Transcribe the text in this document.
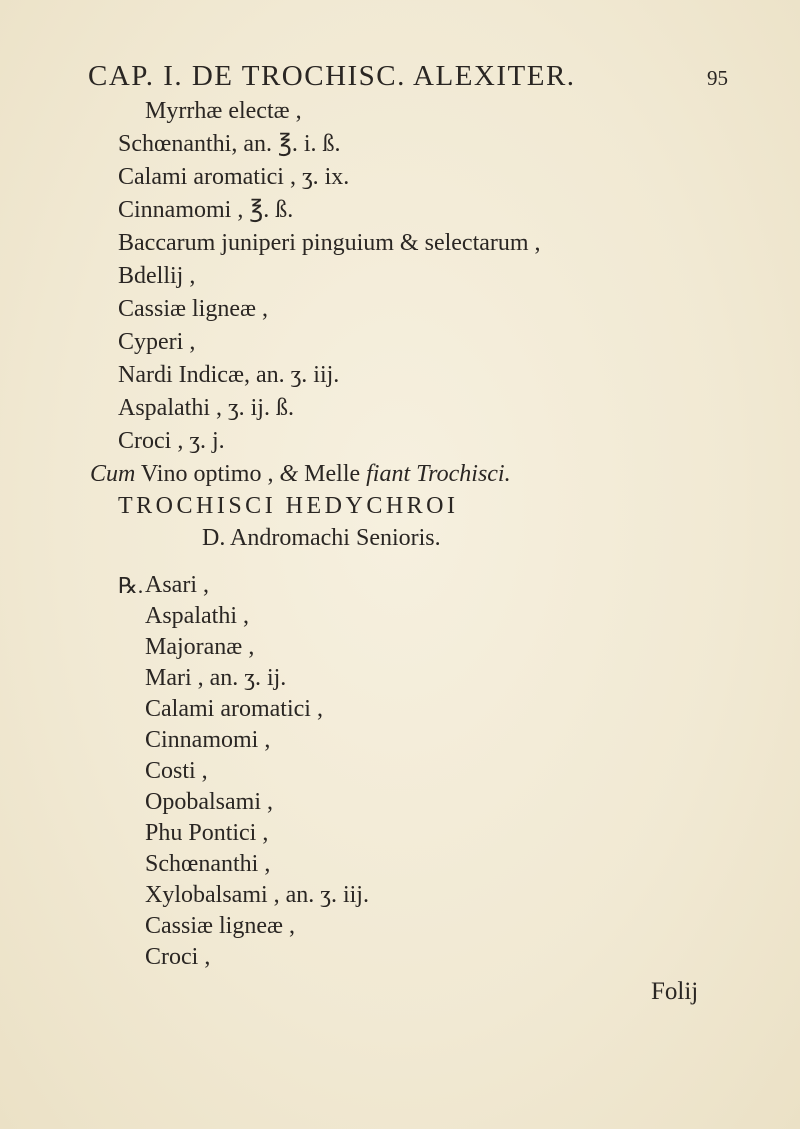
CAP. I. DE TROCHISC. ALEXITER.	95
Myrrhæ electæ ,
Schœnanthi, an. ℥. i. ß.
Calami aromatici , ʒ. ix.
Cinnamomi , ℥. ß.
Baccarum juniperi pinguium & selectarum ,
Bdellij ,
Cassiæ ligneæ ,
Cyperi ,
Nardi Indicæ, an. ʒ. iij.
Aspalathi , ʒ. ij. ß.
Croci , ʒ. j.
Cum Vino optimo , & Melle fiant Trochisci.
TROCHISCI HEDYCHROI
D. Andromachi Senioris.
℞. Asari ,
Aspalathi ,
Majoranæ ,
Mari , an. ʒ. ij.
Calami aromatici ,
Cinnamomi ,
Costi ,
Opobalsami ,
Phu Pontici ,
Schœnanthi ,
Xylobalsami , an. ʒ. iij.
Cassiæ ligneæ ,
Croci ,
Folij
